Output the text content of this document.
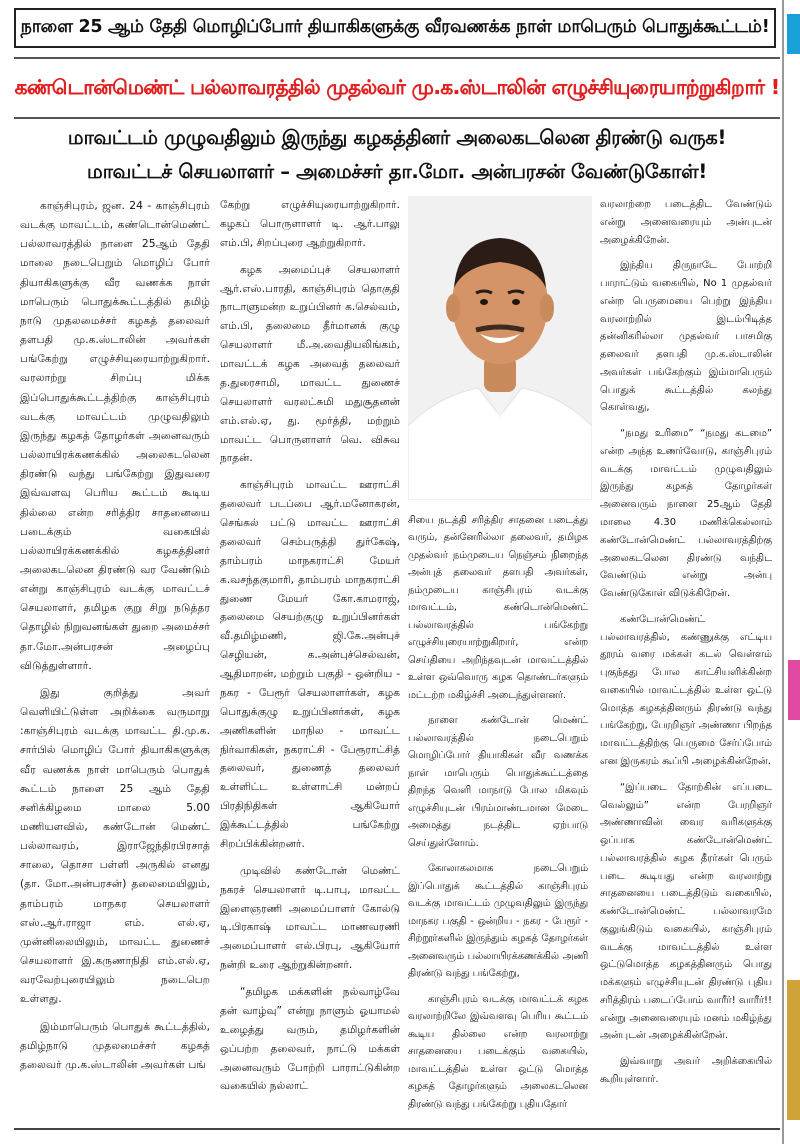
நாளை 25 ஆம் தேதி மொழிப்போர் தியாகிகளுக்கு வீரவணக்க நாள் மாபெரும் பொதுக்கூட்டம்!
கண்டொன்மெண்ட் பல்லாவரத்தில் முதல்வர் மு.க.ஸ்டாலின் எழுச்சியுரையாற்றுகிறார் !
மாவட்டம் முழுவதிலும் இருந்து கழகத்தினர் அலைகடலென திரண்டு வருக!
மாவட்டச் செயலாளர் – அமைச்சர் தா.மோ. அன்பரசன் வேண்டுகோள்!

காஞ்சிபுரம், ஜன. 24 - காஞ்சிபுரம் வடக்கு மாவட்டம், கண்டொன்மெண்ட் பல்லாவரத்தில் நாளை 25ஆம் தேதி மாலை நடைபெறும் மொழிப் போர் தியாகிகளுக்கு வீர வணக்க நாள் மாபெரும் பொதுக்கூட்டத்தில் தமிழ் நாடு முதலமைச்சர் கழகத் தலைவர் தளபதி மு.க.ஸ்டாலின் அவர்கள் பங்கேற்று எழுச்சியுரையாற்றுகிறார். வரலாற்று சிறப்பு மிக்க இப்பொதுக்கூட்டத்திற்கு காஞ்சிபுரம் வடக்கு மாவட்டம் முழுவதிலும் இருந்து கழகத் தோழர்கள் அனைவரும் பல்லாயிரக்கணக்கில் அலைகடலென திரண்டு வந்து பங்கேற்று இதுவரை இவ்வளவு பெரிய கூட்டம் கூடிய தில்லை என்ற சரித்திர சாதனையை படைக்கும் வகையில் பல்லாயிரக்கணக்கில் கழகத்தினர் அலைகடலென திரண்டு வர வேண்டும் என்று காஞ்சிபுரம் வடக்கு மாவட்டச் செயலாளர், தமிழக குறு சிறு நடுத்தர தொழில் நிறுவனங்கள் துறை அமைச்சர் தா.மோ.அன்பரசன் அழைப்பு விடுத்துள்ளார்.

இது குறித்து அவர் வெளியிட்டுள்ள அறிக்கை வருமாறு :காஞ்சிபுரம் வடக்கு மாவட்ட தி.மு.க. சார்பில் மொழிப் போர் தியாகிகளுக்கு வீர வணக்க நாள் மாபெரும் பொதுக் கூட்டம் நாளை 25 ஆம் தேதி சனிக்கிழமை மாலை 5.00 மணியளவில், கண்டோன் மெண்ட் பல்லாவரம், இராஜேந்திரபிரசாத் சாலை, தொசா பள்ளி அருகில் எனது (தா. மோ.அன்பரசன்) தலைமையிலும், தாம்பரம் மாநகர செயலாளர் எஸ்.ஆர்.ராஜா எம். எல்.ஏ, முன்னிலையிலும், மாவட்ட துணைச் செயலாளர் இ.கருணாநிதி எம்.எல்.ஏ, வரவேற்புரையிலும் நடைபெற உள்ளது.

இம்மாபெரும் பொதுக் கூட்டத்தில், தமிழ்நாடு முதலமைச்சர் கழகத் தலைவர் மு.க.ஸ்டாலின் அவர்கள் பங்

கேற்று எழுச்சியுரையாற்றுகிறார். கழகப் பொருளாளர் டி. ஆர்.பாலு எம்.பி, சிறப்புரை ஆற்றுகிறார்.

கழக அமைப்புச் செயலாளர் ஆர்.எஸ்.பாரதி, காஞ்சிபுரம் தொகுதி நாடாளுமன்ற உறுப்பினர் க.செல்வம், எம்.பி, தலைமை தீர்மானக் குழு செயலாளர் மீ.அ.வைதியலிங்கம், மாவட்டக் கழக அவைத் தலைவர் த.துரைசாமி, மாவட்ட துணைச் செயலாளர் வரலட்சுமி மதுசூதனன் எம்.எல்.ஏ, து. மூர்த்தி, மற்றும் மாவட்ட பொருளாளர் வெ. விசுவ நாதன்.

காஞ்சிபுரம் மாவட்ட ஊராட்சி தலைவர் படப்பை ஆர்.மனோகரன், செங்கல் பட்டு மாவட்ட ஊராட்சி தலைவர் செம்பருத்தி துர்கேஷ், தாம்பரம் மாநகராட்சி மேயர் க.வசந்தகுமாரி, தாம்பரம் மாநகராட்சி துணை மேயர் கோ.காமராஜ், தலைமை செயற்குழு உறுப்பினர்கள் வீ.தமிழ்மணி, ஜி.கே.அன்புச் செழியன், க.அன்புச்செல்வன், ஆதிமாறன், மற்றும் பகுதி - ஒன்றிய - நகர - பேரூர் செயலாளர்கள், கழக பொதுக்குழு உறுப்பினர்கள், கழக அணிகளின் மாநில - மாவட்ட நிர்வாகிகள், நகராட்சி - பேரூராட்சித் தலைவர், துணைத் தலைவர் உள்ளிட்ட உள்ளாட்சி மன்றப் பிரதிநிதிகள் ஆகியோர் இக்கூட்டத்தில் பங்கேற்று சிறப்பிக்கின்றனர்.

முடிவில் கண்டோன் மெண்ட் நகரச் செயலாளர் டி.பாபு, மாவட்ட இளைஞரணி அமைப்பாளர் கோல்டு டி.பிரகாஷ் மாவட்ட மாணவரணி அமைப்பாளர் எல்.பிரபு, ஆகியோர் நன்றி உரை ஆற்றுகின்றனர்.

“தமிழக மக்களின் நல்வாழ்வே தன் வாழ்வு” என்று நாளும் ஓயாமல் உழைத்து வரும், தமிழர்களின் ஒப்பற்ற தலைவர், நாட்டு மக்கள் அனைவரும் போற்றி பாராட்டுகின்ற வகையில் நல்லாட்

சியை நடத்தி சரித்திர சாதனை படைத்து வரும், தன்னேரில்லா தலைவர், தமிழக முதல்வர் நம்முடைய நெஞ்சம் நிறைந்த அன்புத் தலைவர் தளபதி அவர்கள், நம்முடைய காஞ்சிபுரம் வடக்கு மாவட்டம், கண்டொன்மெண்ட் பல்லாவரத்தில் பங்கேற்று எழுச்சியுரையாற்றுகிறார், என்ற செய்தியை அறிந்தவுடன் மாவட்டத்தில் உள்ள ஒவ்வொரு கழக தொண்டர்களும் மட்டற்ற மகிழ்ச்சி அடைந்துள்ளனர்.

நாளை கண்டோன் மெண்ட் பல்லாவரத்தில் நடைபெறும் மொழிப்போர் தியாகிகள் வீர வணக்க நாள் மாபெரும் பொதுக்கூட்டத்தை திறந்த வெளி மாநாடு போல மிகவும் எழுச்சியுடன் பிரம்மாண்டமான மேடை அமைத்து நடத்திட ஏற்பாடு செய்துள்ளோம்.

கோலாகலமாக நடைபெறும் இப்பொதுக் கூட்டத்தில் காஞ்சிபுரம் வடக்கு மாவட்டம் முழுவதிலும் இருந்து மாநகர பகுதி - ஒன்றிய - நகர - பேரூர் - சிற்றூர்களில் இருந்தும் கழகத் தோழர்கள் அனைவரும் பல்லாயிரக்கணக்கில் அணி திரண்டு வந்து பங்கேற்று,

காஞ்சிபுரம் வடக்கு மாவட்டக் கழக வரலாற்றிலே இவ்வளவு பெரிய கூட்டம் கூடிய தில்லை என்ற வரலாற்று சாதனையை படைக்கும் வகையில், மாவட்டத்தில் உள்ள ஒட்டு மொத்த கழகத் தோழர்களும் அலைகடலென திரண்டு வந்து பங்கேற்று புதியதோர்

வரலாற்றை படைத்திட வேண்டும் என்று அனைவரையும் அன்புடன் அழைக்கிறேன்.

இந்திய திருநாடே போற்றி பாராட்டும் வகையில், No 1 முதல்வர் என்ற பெருமையை பெற்று இந்திய வரலாற்றில் இடம்பிடித்த தன்னிகரில்லா முதல்வர் பாசமிகு தலைவர் தளபதி மு.க.ஸ்டாலின் அவர்கள் பங்கேற்கும் இம்மாபெரும் பொதுக் கூட்டத்தில் கலந்து கொள்வது,

“நமது உரிமை” “நமது கடமை” என்ற அந்த உணர்வோடு, காஞ்சிபுரம் வடக்கு மாவட்டம் முழுவதிலும் இருந்து கழகத் தோழர்கள் அனைவரும் நாளை 25ஆம் தேதி மாலை 4.30 மணிக்கெல்லாம் கண்டோன்மெண்ட் பல்லாவரத்திற்கு அலைகடலென திரண்டு வந்திட வேண்டும் என்று அன்பு வேண்டுகோள் விடுக்கிறேன்.

கண்டோன்மெண்ட் பல்லாவரத்தில், கண்ணுக்கு எட்டிய தூரம் வரை மக்கள் கடல் வெள்ளம் புகுந்தது போல காட்சியளிக்கின்ற வகையில் மாவட்டத்தில் உள்ள ஒட்டு மொத்த கழகத்தினரும் திரண்டு வந்து பங்கேற்று, பேரறிஞர் அண்ணா பிறந்த மாவட்டத்திற்கு பெருமை சேர்ப்போம் என இருகரம் கூப்பி அழைக்கின்றேன்.

“இப்படை தோற்கின் எப்படை வெல்லும்” என்ற பேரறிஞர் அண்ணாவின் வைர வரிகளுக்கு ஒப்பாக கண்டோன்மெண்ட் பல்லாவரத்தில் கழக தீரர்கள் பெரும் படை கூடியது என்ற வரலாற்று சாதனையை படைத்திடும் வகையில், கண்டோன்மெண்ட் பல்லாவரமே குலுங்கிடும் வகையில், காஞ்சிபுரம் வடக்கு மாவட்டத்தில் உள்ள ஒட்டுமொத்த கழகத்தினரும் பொது மக்களும் எழுச்சியுடன் திரண்டு புதிய சரித்திரம் படைப்போம் வாரீர்! வாரீர்!! என்று அனைவரையும் மனம் மகிழ்ந்து அன்புடன் அழைக்கின்றேன்.

இவ்வாறு அவர் அறிக்கையில் கூறியுள்ளார்.
